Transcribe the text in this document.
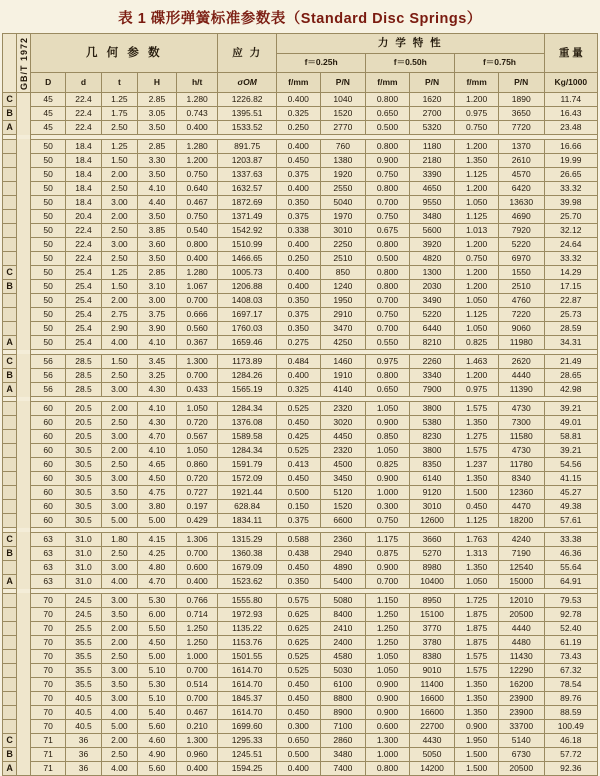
表 1 碟形弹簧标准参数表（Standard Disc Springs）

	GB/T 1972	几 何 参 数					应 力	力 学 特 性						重 量
								f＝0.25h		f＝0.50h		f＝0.75h		
		D	d	t	H	h/t	σOM	f/mm	P/N	f/mm	P/N	f/mm	P/N	Kg/1000
C		45	22.4	1.25	2.85	1.280	1226.82	0.400	1040	0.800	1620	1.200	1890	11.74
B		45	22.4	1.75	3.05	0.743	1395.51	0.325	1520	0.650	2700	0.975	3650	16.43
A		45	22.4	2.50	3.50	0.400	1533.52	0.250	2770	0.500	5320	0.750	7720	23.48

		50	18.4	1.25	2.85	1.280	891.75	0.400	760	0.800	1180	1.200	1370	16.66
		50	18.4	1.50	3.30	1.200	1203.87	0.450	1380	0.900	2180	1.350	2610	19.99
		50	18.4	2.00	3.50	0.750	1337.63	0.375	1920	0.750	3390	1.125	4570	26.65
		50	18.4	2.50	4.10	0.640	1632.57	0.400	2550	0.800	4650	1.200	6420	33.32
		50	18.4	3.00	4.40	0.467	1872.69	0.350	5040	0.700	9550	1.050	13630	39.98
		50	20.4	2.00	3.50	0.750	1371.49	0.375	1970	0.750	3480	1.125	4690	25.70
		50	22.4	2.50	3.85	0.540	1542.92	0.338	3010	0.675	5600	1.013	7920	32.12
		50	22.4	3.00	3.60	0.800	1510.99	0.400	2250	0.800	3920	1.200	5220	24.64
		50	22.4	2.50	3.50	0.400	1466.65	0.250	2510	0.500	4820	0.750	6970	33.32
C		50	25.4	1.25	2.85	1.280	1005.73	0.400	850	0.800	1300	1.200	1550	14.29
B		50	25.4	1.50	3.10	1.067	1206.88	0.400	1240	0.800	2030	1.200	2510	17.15
		50	25.4	2.00	3.00	0.700	1408.03	0.350	1950	0.700	3490	1.050	4760	22.87
		50	25.4	2.75	3.75	0.666	1697.17	0.375	2910	0.750	5220	1.125	7220	25.73
		50	25.4	2.90	3.90	0.560	1760.03	0.350	3470	0.700	6440	1.050	9060	28.59
A		50	25.4	4.00	4.10	0.367	1659.46	0.275	4250	0.550	8210	0.825	11980	34.31

C		56	28.5	1.50	3.45	1.300	1173.89	0.484	1460	0.975	2260	1.463	2620	21.49
B		56	28.5	2.50	3.25	0.700	1284.26	0.400	1910	0.800	3340	1.200	4440	28.65
A		56	28.5	3.00	4.30	0.433	1565.19	0.325	4140	0.650	7900	0.975	11390	42.98

		60	20.5	2.00	4.10	1.050	1284.34	0.525	2320	1.050	3800	1.575	4730	39.21
		60	20.5	2.50	4.30	0.720	1376.08	0.450	3020	0.900	5380	1.350	7300	49.01
		60	20.5	3.00	4.70	0.567	1589.58	0.425	4450	0.850	8230	1.275	11580	58.81
		60	30.5	2.00	4.10	1.050	1284.34	0.525	2320	1.050	3800	1.575	4730	39.21
		60	30.5	2.50	4.65	0.860	1591.79	0.413	4500	0.825	8350	1.237	11780	54.56
		60	30.5	3.00	4.50	0.720	1572.09	0.450	3450	0.900	6140	1.350	8340	41.15
		60	30.5	3.50	4.75	0.727	1921.44	0.500	5120	1.000	9120	1.500	12360	45.27
		60	30.5	3.00	3.80	0.197	628.84	0.150	1520	0.300	3010	0.450	4470	49.38
		60	30.5	5.00	5.00	0.429	1834.11	0.375	6600	0.750	12600	1.125	18200	57.61

C		63	31.0	1.80	4.15	1.306	1315.29	0.588	2360	1.175	3660	1.763	4240	33.38
B		63	31.0	2.50	4.25	0.700	1360.38	0.438	2940	0.875	5270	1.313	7190	46.36
		63	31.0	3.00	4.80	0.600	1679.09	0.450	4890	0.900	8980	1.350	12540	55.64
A		63	31.0	4.00	4.70	0.400	1523.62	0.350	5400	0.700	10400	1.050	15000	64.91

		70	24.5	3.00	5.30	0.766	1555.80	0.575	5080	1.150	8950	1.725	12010	79.53
		70	24.5	3.50	6.00	0.714	1972.93	0.625	8400	1.250	15100	1.875	20500	92.78
		70	25.5	2.00	5.50	1.250	1135.22	0.625	2410	1.250	3770	1.875	4440	52.40
		70	35.5	2.00	4.50	1.250	1153.76	0.625	2400	1.250	3780	1.875	4480	61.19
		70	35.5	2.50	5.00	1.000	1501.55	0.525	4580	1.050	8380	1.575	11430	73.43
		70	35.5	3.00	5.10	0.700	1614.70	0.525	5030	1.050	9010	1.575	12290	67.32
		70	35.5	3.50	5.30	0.514	1614.70	0.450	6100	0.900	11400	1.350	16200	78.54
		70	40.5	3.00	5.10	0.700	1845.37	0.450	8800	0.900	16600	1.350	23900	89.76
		70	40.5	4.00	5.40	0.467	1614.70	0.450	8900	0.900	16600	1.350	23900	88.59
		70	40.5	5.00	5.60	0.210	1699.60	0.300	7100	0.600	22700	0.900	33700	100.49
C		71	36	2.00	4.60	1.300	1295.33	0.650	2860	1.300	4430	1.950	5140	46.18
B		71	36	2.50	4.90	0.960	1245.51	0.500	3480	1.000	5050	1.500	6730	57.72
A		71	36	4.00	5.60	0.400	1594.25	0.400	7400	0.800	14200	1.500	20500	92.36
